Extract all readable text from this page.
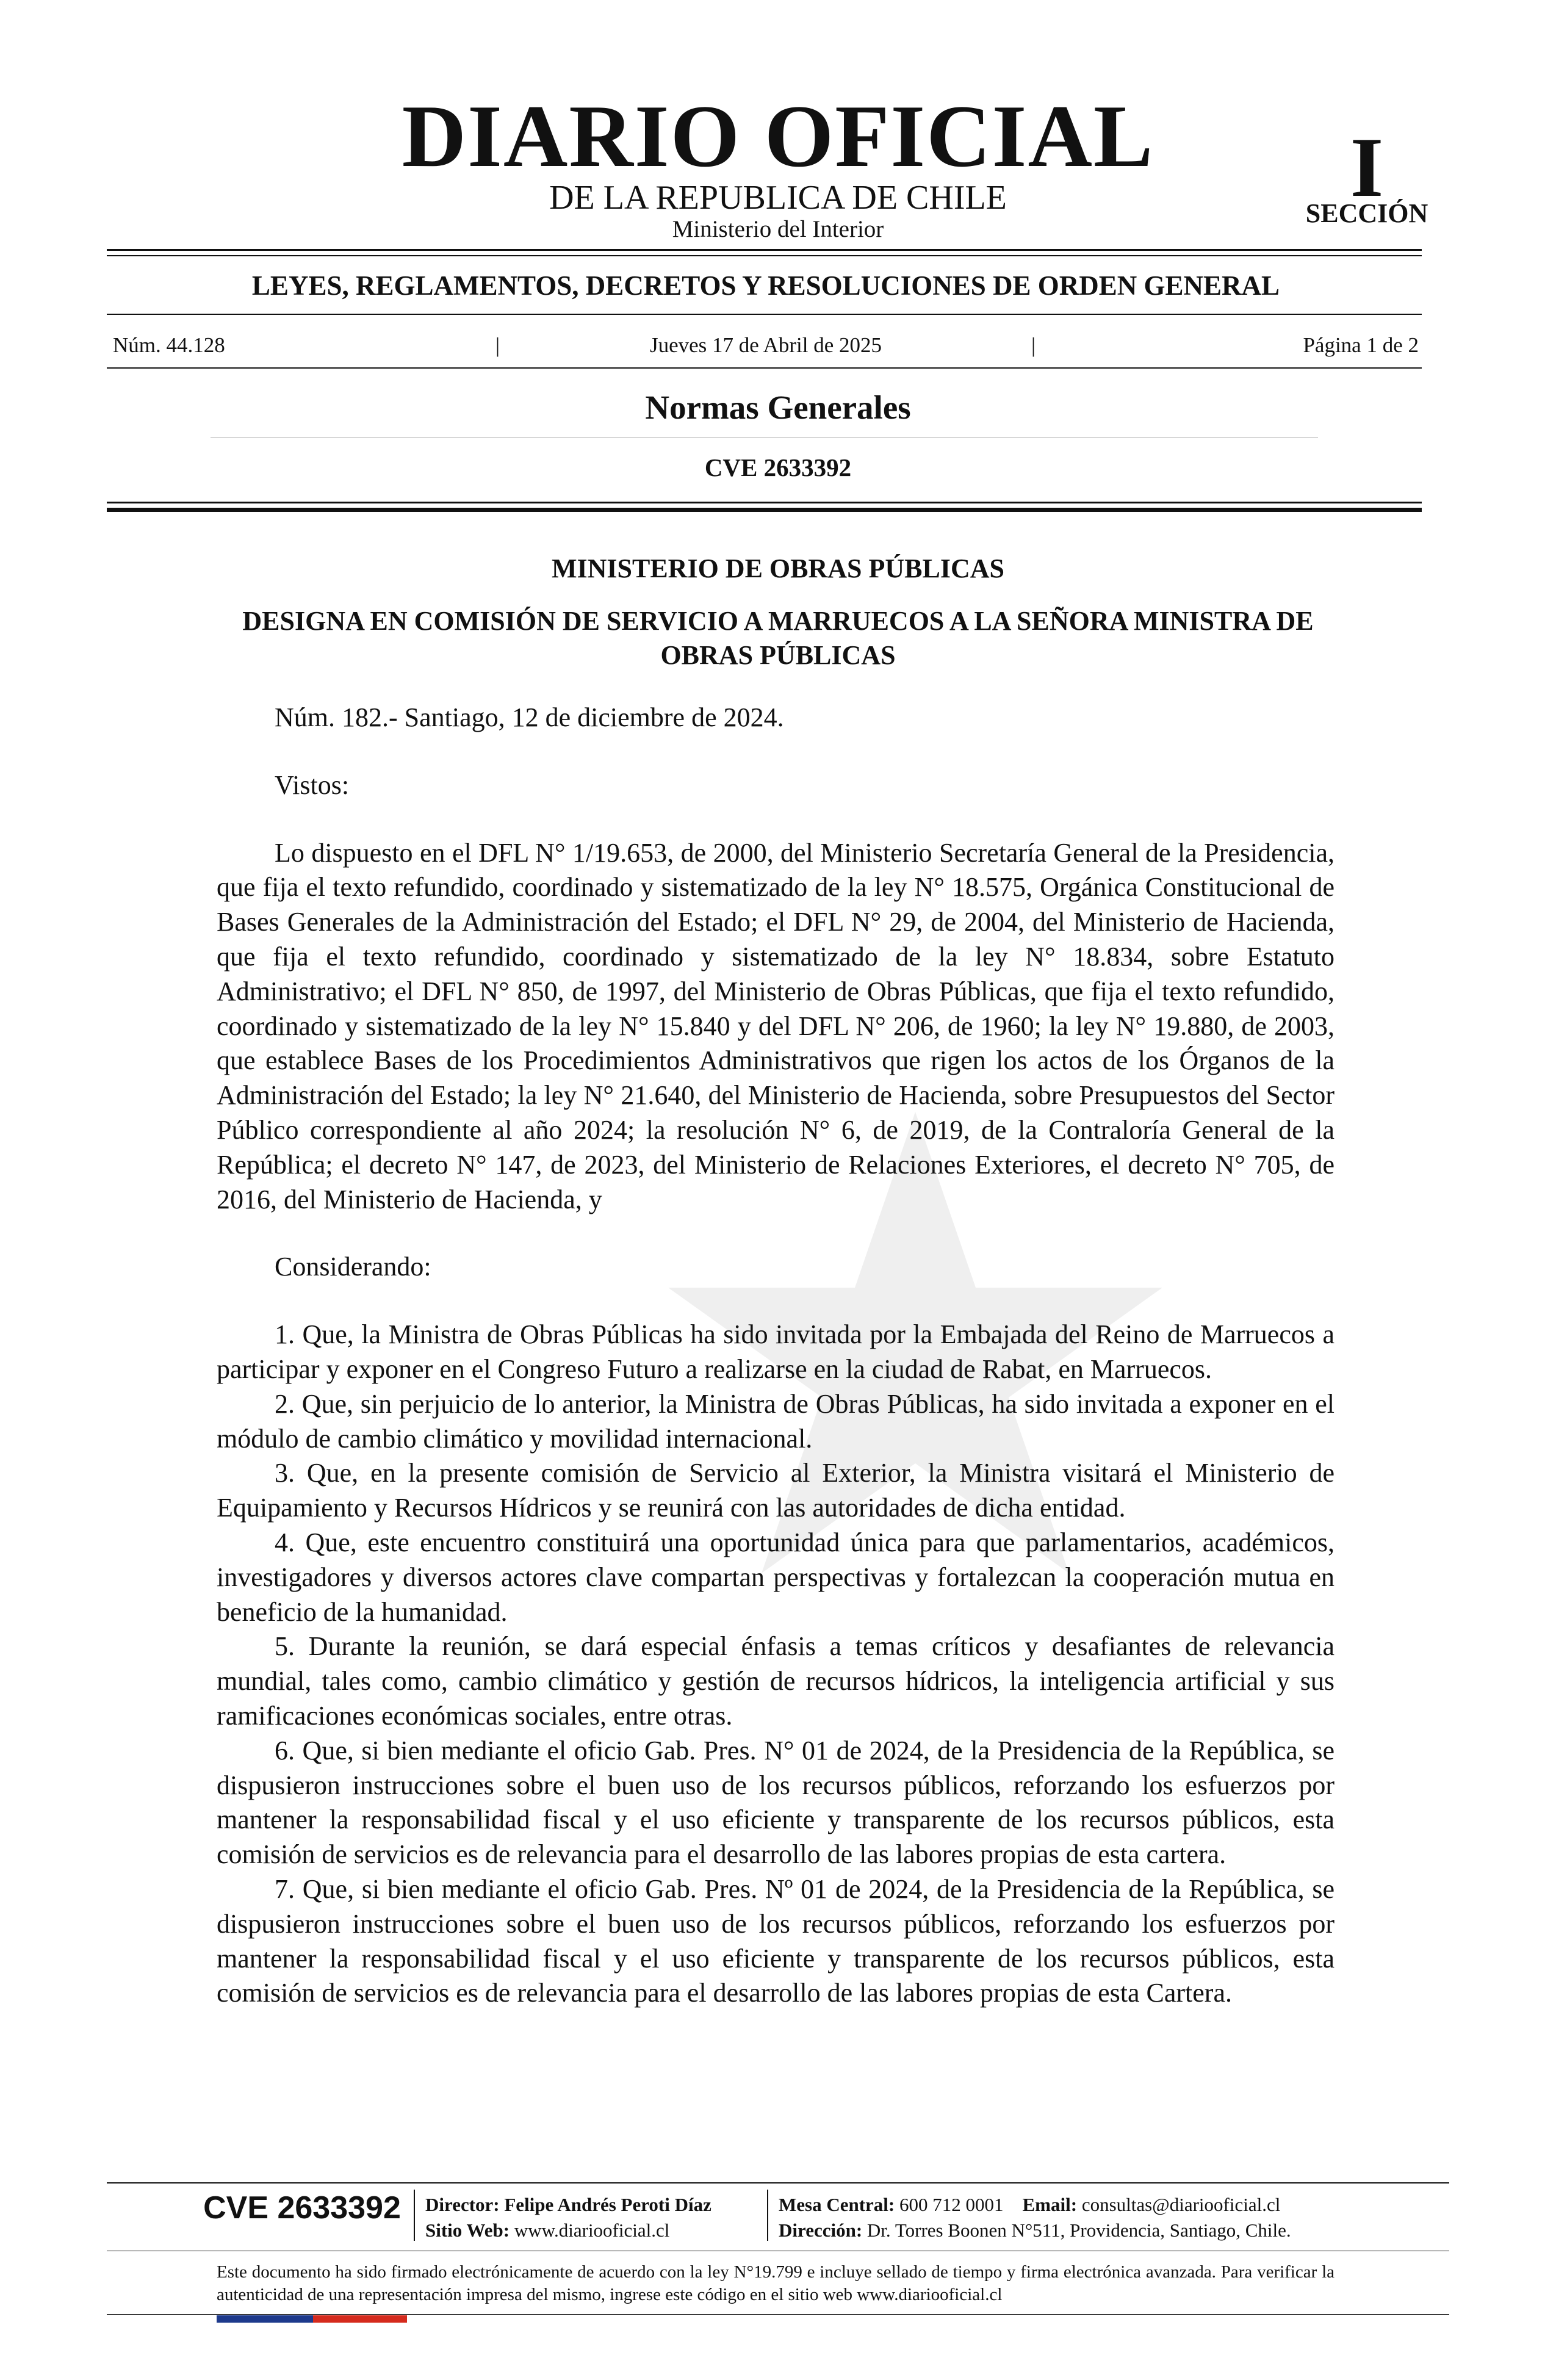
DIARIO OFICIAL
DE LA REPUBLICA DE CHILE
Ministerio del Interior
I
SECCIÓN
LEYES, REGLAMENTOS, DECRETOS Y RESOLUCIONES DE ORDEN GENERAL
Núm. 44.128	|	Jueves 17 de Abril de 2025	|	Página 1 de 2
Normas Generales
CVE 2633392
MINISTERIO DE OBRAS PÚBLICAS
DESIGNA EN COMISIÓN DE SERVICIO A MARRUECOS A LA SEÑORA MINISTRA DE OBRAS PÚBLICAS

Núm. 182.- Santiago, 12 de diciembre de 2024.

Vistos:

Lo dispuesto en el DFL N° 1/19.653, de 2000, del Ministerio Secretaría General de la Presidencia, que fija el texto refundido, coordinado y sistematizado de la ley N° 18.575, Orgánica Constitucional de Bases Generales de la Administración del Estado; el DFL N° 29, de 2004, del Ministerio de Hacienda, que fija el texto refundido, coordinado y sistematizado de la ley N° 18.834, sobre Estatuto Administrativo; el DFL N° 850, de 1997, del Ministerio de Obras Públicas, que fija el texto refundido, coordinado y sistematizado de la ley N° 15.840 y del DFL N° 206, de 1960; la ley N° 19.880, de 2003, que establece Bases de los Procedimientos Administrativos que rigen los actos de los Órganos de la Administración del Estado; la ley N° 21.640, del Ministerio de Hacienda, sobre Presupuestos del Sector Público correspondiente al año 2024; la resolución N° 6, de 2019, de la Contraloría General de la República; el decreto N° 147, de 2023, del Ministerio de Relaciones Exteriores, el decreto N° 705, de 2016, del Ministerio de Hacienda, y

Considerando:

1. Que, la Ministra de Obras Públicas ha sido invitada por la Embajada del Reino de Marruecos a participar y exponer en el Congreso Futuro a realizarse en la ciudad de Rabat, en Marruecos.

2. Que, sin perjuicio de lo anterior, la Ministra de Obras Públicas, ha sido invitada a exponer en el módulo de cambio climático y movilidad internacional.

3. Que, en la presente comisión de Servicio al Exterior, la Ministra visitará el Ministerio de Equipamiento y Recursos Hídricos y se reunirá con las autoridades de dicha entidad.

4. Que, este encuentro constituirá una oportunidad única para que parlamentarios, académicos, investigadores y diversos actores clave compartan perspectivas y fortalezcan la cooperación mutua en beneficio de la humanidad.

5. Durante la reunión, se dará especial énfasis a temas críticos y desafiantes de relevancia mundial, tales como, cambio climático y gestión de recursos hídricos, la inteligencia artificial y sus ramificaciones económicas sociales, entre otras.

6. Que, si bien mediante el oficio Gab. Pres. N° 01 de 2024, de la Presidencia de la República, se dispusieron instrucciones sobre el buen uso de los recursos públicos, reforzando los esfuerzos por mantener la responsabilidad fiscal y el uso eficiente y transparente de los recursos públicos, esta comisión de servicios es de relevancia para el desarrollo de las labores propias de esta cartera.

7. Que, si bien mediante el oficio Gab. Pres. Nº 01 de 2024, de la Presidencia de la República, se dispusieron instrucciones sobre el buen uso de los recursos públicos, reforzando los esfuerzos por mantener la responsabilidad fiscal y el uso eficiente y transparente de los recursos públicos, esta comisión de servicios es de relevancia para el desarrollo de las labores propias de esta Cartera.

CVE 2633392	Director: Felipe Andrés Peroti Díaz
Sitio Web: www.diariooficial.cl
Mesa Central: 600 712 0001 Email: consultas@diariooficial.cl
Dirección: Dr. Torres Boonen N°511, Providencia, Santiago, Chile.
Este documento ha sido firmado electrónicamente de acuerdo con la ley N°19.799 e incluye sellado de tiempo y firma electrónica avanzada. Para verificar la autenticidad de una representación impresa del mismo, ingrese este código en el sitio web www.diariooficial.cl
